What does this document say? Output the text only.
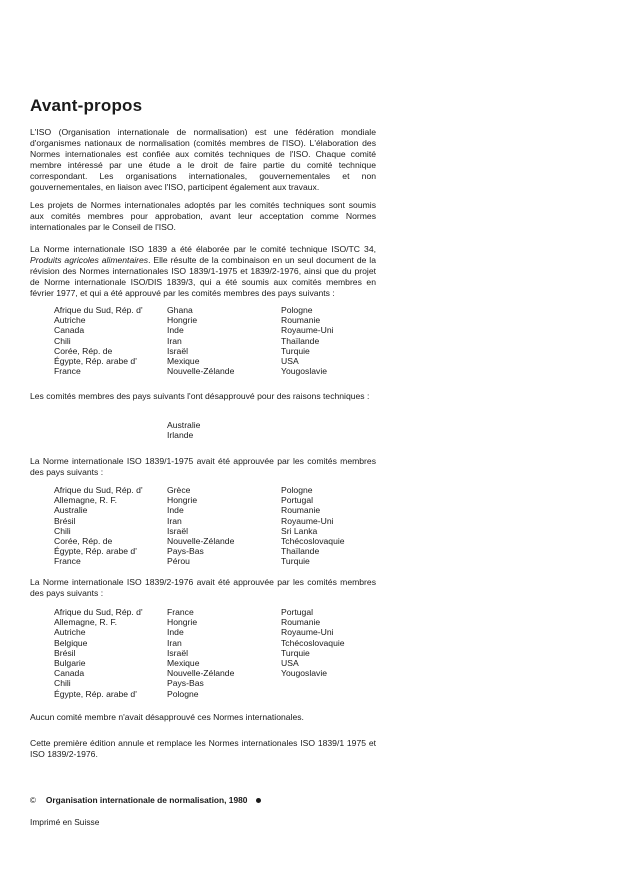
Avant-propos

L'ISO (Organisation internationale de normalisation) est une fédération mondiale d'organismes nationaux de normalisation (comités membres de l'ISO). L'élaboration des Normes internationales est confiée aux comités techniques de l'ISO. Chaque comité membre intéressé par une étude a le droit de faire partie du comité technique correspondant. Les organisations internationales, gouvernementales et non gouvernementales, en liaison avec l'ISO, participent également aux travaux.

Les projets de Normes internationales adoptés par les comités techniques sont soumis aux comités membres pour approbation, avant leur acceptation comme Normes internationales par le Conseil de l'ISO.

La Norme internationale ISO 1839 a été élaborée par le comité technique ISO/TC 34, Produits agricoles alimentaires. Elle résulte de la combinaison en un seul document de la révision des Normes internationales ISO 1839/1-1975 et 1839/2-1976, ainsi que du projet de Norme internationale ISO/DIS 1839/3, qui a été soumis aux comités membres en février 1977, et qui a été approuvé par les comités membres des pays suivants :

Afrique du Sud, Rép. d'
Autriche
Canada
Chili
Corée, Rép. de
Égypte, Rép. arabe d'
France
Ghana
Hongrie
Inde
Iran
Israël
Mexique
Nouvelle-Zélande
Pologne
Roumanie
Royaume-Uni
Thaïlande
Turquie
USA
Yougoslavie

Les comités membres des pays suivants l'ont désapprouvé pour des raisons techniques :

Australie
Irlande

La Norme internationale ISO 1839/1-1975 avait été approuvée par les comités membres des pays suivants :

Afrique du Sud, Rép. d'
Allemagne, R. F.
Australie
Brésil
Chili
Corée, Rép. de
Égypte, Rép. arabe d'
France
Grèce
Hongrie
Inde
Iran
Israël
Nouvelle-Zélande
Pays-Bas
Pérou
Pologne
Portugal
Roumanie
Royaume-Uni
Sri Lanka
Tchécoslovaquie
Thaïlande
Turquie

La Norme internationale ISO 1839/2-1976 avait été approuvée par les comités membres des pays suivants :

Afrique du Sud, Rép. d'
Allemagne, R. F.
Autriche
Belgique
Brésil
Bulgarie
Canada
Chili
Égypte, Rép. arabe d'
France
Hongrie
Inde
Iran
Israël
Mexique
Nouvelle-Zélande
Pays-Bas
Pologne
Portugal
Roumanie
Royaume-Uni
Tchécoslovaquie
Turquie
USA
Yougoslavie

Aucun comité membre n'avait désapprouvé ces Normes internationales.

Cette première édition annule et remplace les Normes internationales ISO 1839/1 1975 et ISO 1839/2-1976.

© Organisation internationale de normalisation, 1980
Imprimé en Suisse
